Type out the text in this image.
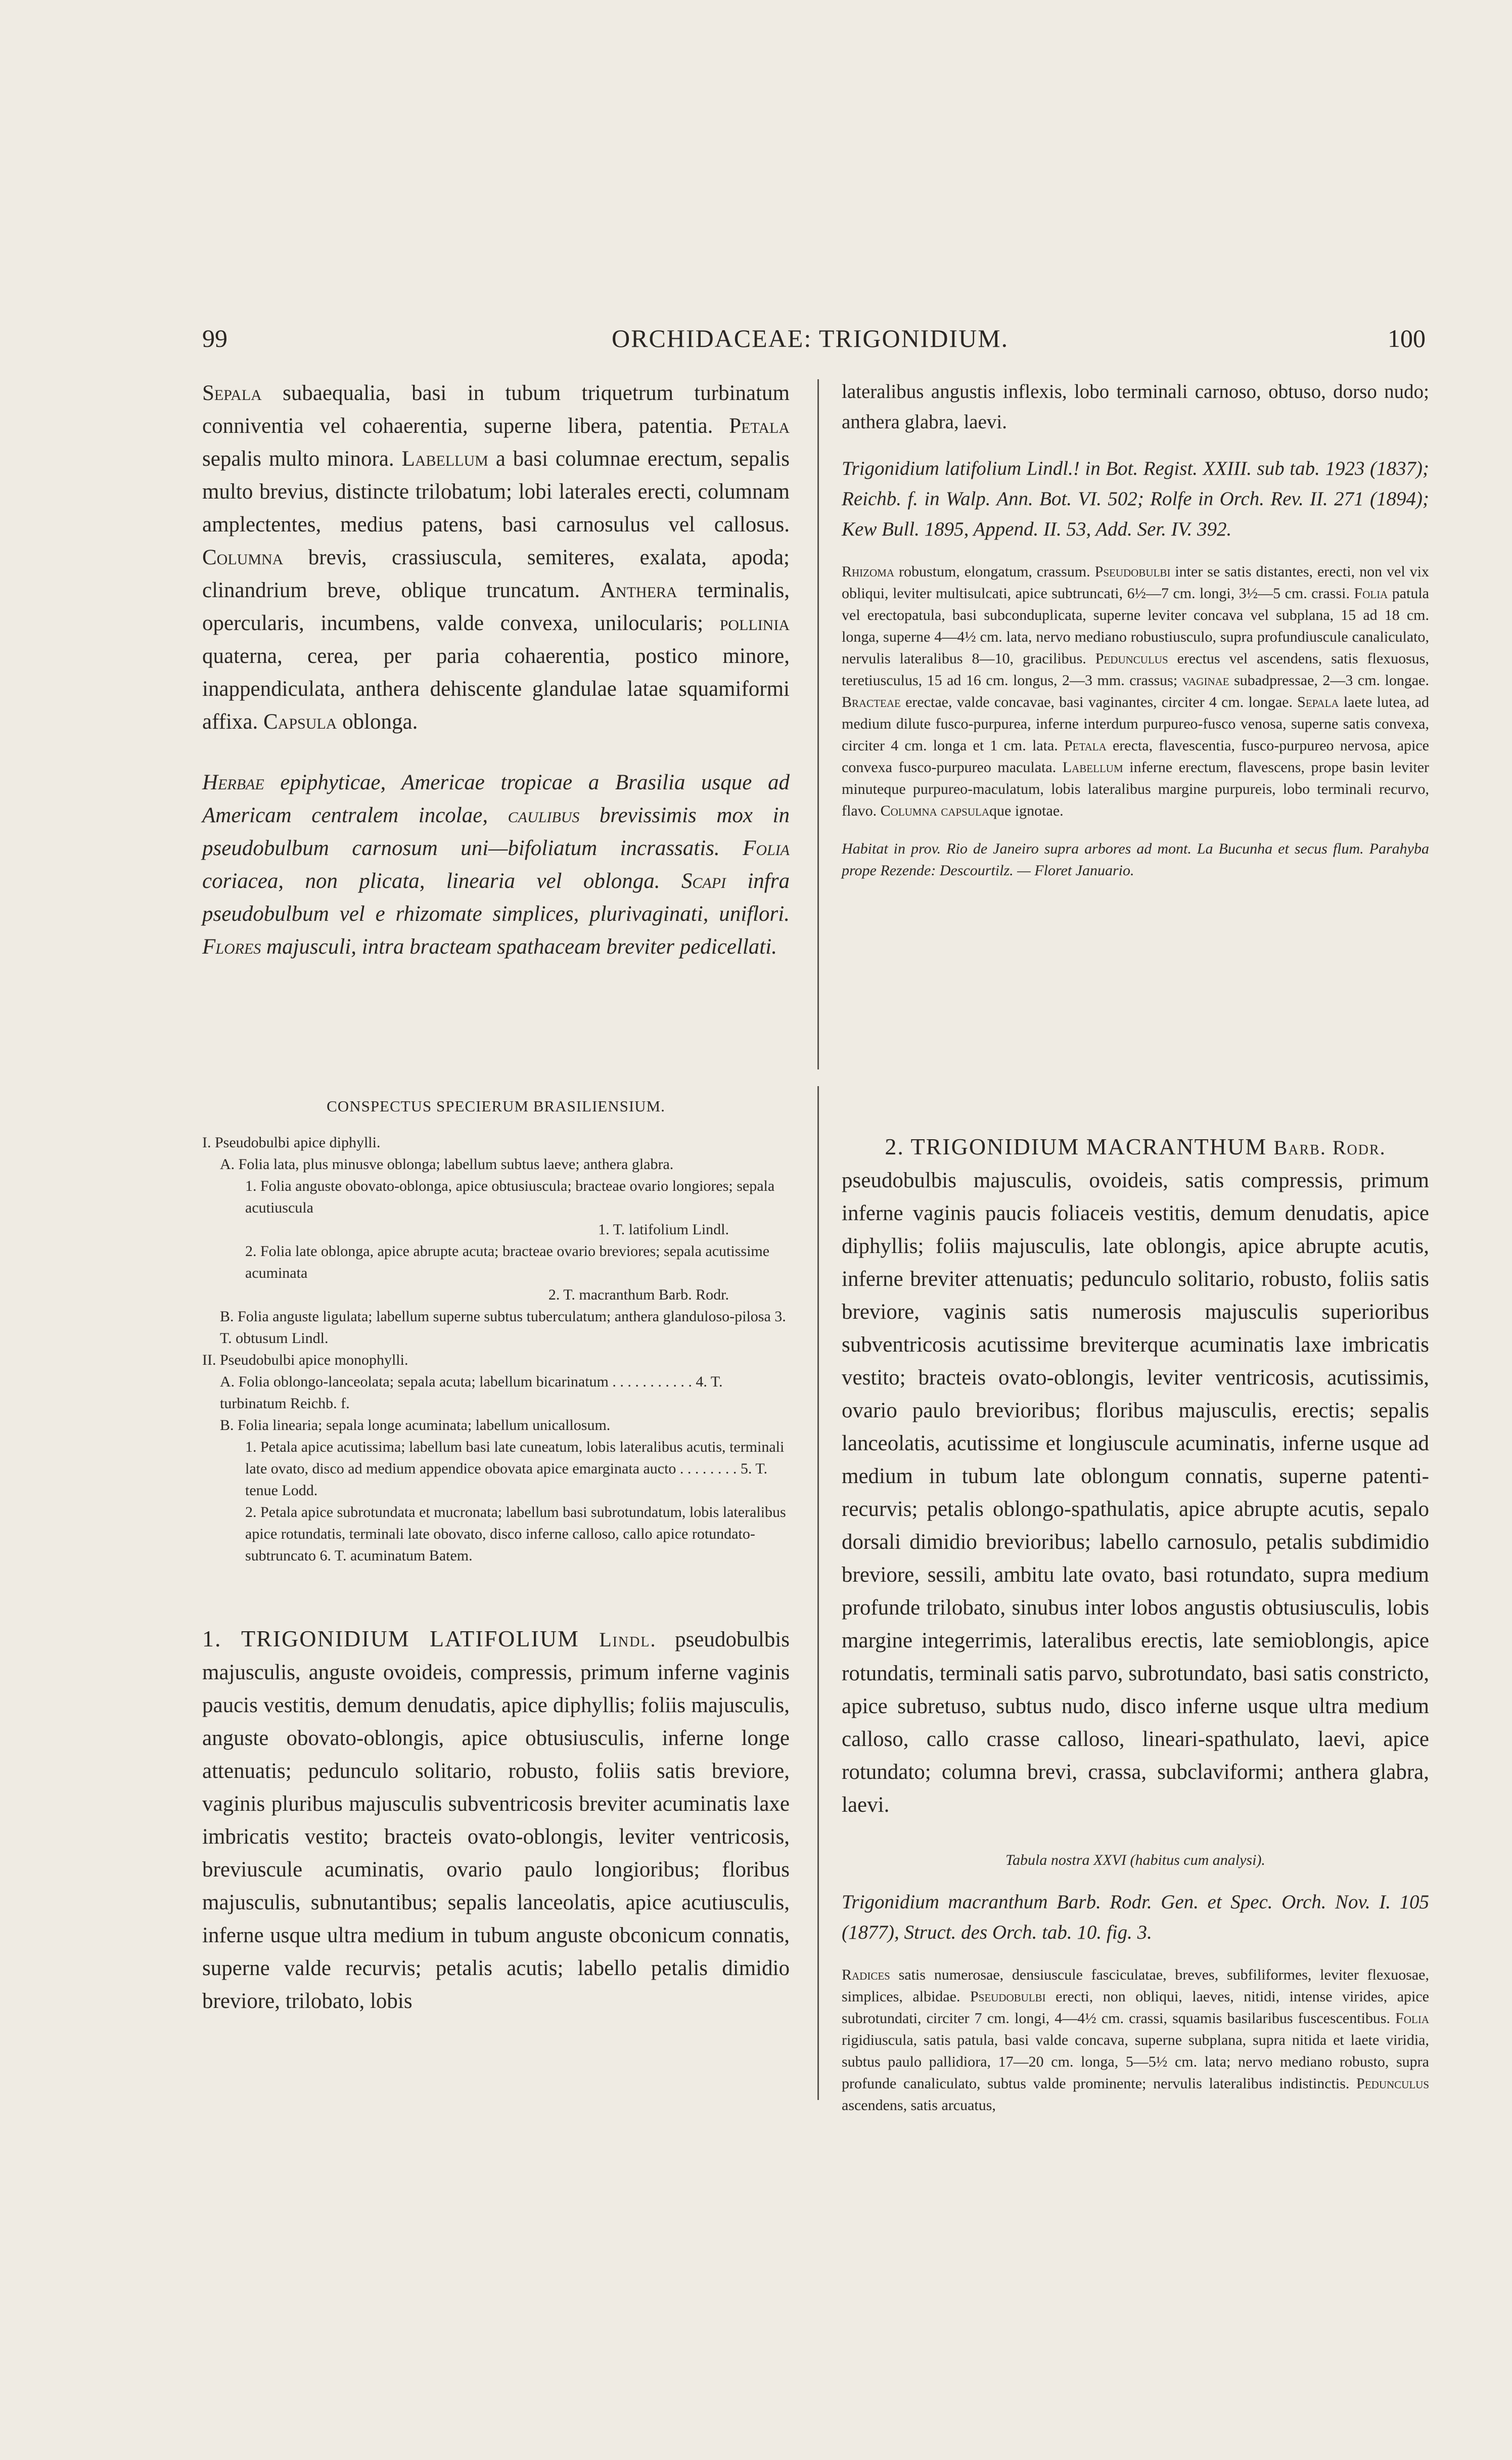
99	ORCHIDACEAE: TRIGONIDIUM.	100

Sepala subaequalia, basi in tubum triquetrum turbinatum conniventia vel cohaerentia, superne libera, patentia. Petala sepalis multo minora. Labellum a basi columnae erectum, sepalis multo brevius, distincte trilobatum; lobi laterales erecti, columnam amplectentes, medius patens, basi carnosulus vel callosus. Columna brevis, crassiuscula, semiteres, exalata, apoda; clinandrium breve, oblique truncatum. Anthera terminalis, opercularis, incumbens, valde convexa, unilocularis; pollinia quaterna, cerea, per paria cohaerentia, postico minore, inappendiculata, anthera dehiscente glandulae latae squamiformi affixa. Capsula oblonga.

Herbae epiphyticae, Americae tropicae a Brasilia usque ad Americam centralem incolae, caulibus brevissimis mox in pseudobulbum carnosum uni—bifoliatum incrassatis. Folia coriacea, non plicata, linearia vel oblonga. Scapi infra pseudobulbum vel e rhizomate simplices, plurivaginati, uniflori. Flores majusculi, intra bracteam spathaceam breviter pedicellati.

lateralibus angustis inflexis, lobo terminali carnoso, obtuso, dorso nudo; anthera glabra, laevi.

Trigonidium latifolium Lindl.! in Bot. Regist. XXIII. sub tab. 1923 (1837); Reichb. f. in Walp. Ann. Bot. VI. 502; Rolfe in Orch. Rev. II. 271 (1894); Kew Bull. 1895, Append. II. 53, Add. Ser. IV. 392.

Rhizoma robustum, elongatum, crassum. Pseudobulbi inter se satis distantes, erecti, non vel vix obliqui, leviter multisulcati, apice subtruncati, 6½—7 cm. longi, 3½—5 cm. crassi. Folia patula vel erectopatula, basi subconduplicata, superne leviter concava vel subplana, 15 ad 18 cm. longa, superne 4—4½ cm. lata, nervo mediano robustiusculo, supra profundiuscule canaliculato, nervulis lateralibus 8—10, gracilibus. Pedunculus erectus vel ascendens, satis flexuosus, teretiusculus, 15 ad 16 cm. longus, 2—3 mm. crassus; vaginae subadpressae, 2—3 cm. longae. Bracteae erectae, valde concavae, basi vaginantes, circiter 4 cm. longae. Sepala laete lutea, ad medium dilute fusco-purpurea, inferne interdum purpureo-fusco venosa, superne satis convexa, circiter 4 cm. longa et 1 cm. lata. Petala erecta, flavescentia, fusco-purpureo nervosa, apice convexa fusco-purpureo maculata. Labellum inferne erectum, flavescens, prope basin leviter minuteque purpureo-maculatum, lobis lateralibus margine purpureis, lobo terminali recurvo, flavo. Columna capsulaque ignotae.

Habitat in prov. Rio de Janeiro supra arbores ad mont. La Bucunha et secus flum. Parahyba prope Rezende: Descourtilz. — Floret Januario.

CONSPECTUS SPECIERUM BRASILIENSIUM.
I. Pseudobulbi apice diphylli.
A. Folia lata, plus minusve oblonga; labellum subtus laeve; anthera glabra.
1. Folia anguste obovato-oblonga, apice obtusiuscula; bracteae ovario longiores; sepala acutiuscula
1. T. latifolium Lindl.
2. Folia late oblonga, apice abrupte acuta; bracteae ovario breviores; sepala acutissime acuminata
2. T. macranthum Barb. Rodr.
B. Folia anguste ligulata; labellum superne subtus tuberculatum; anthera glanduloso-pilosa 3. T. obtusum Lindl.
II. Pseudobulbi apice monophylli.
A. Folia oblongo-lanceolata; sepala acuta; labellum bicarinatum . . . . . . . . . . . 4. T. turbinatum Reichb. f.
B. Folia linearia; sepala longe acuminata; labellum unicallosum.
1. Petala apice acutissima; labellum basi late cuneatum, lobis lateralibus acutis, terminali late ovato, disco ad medium appendice obovata apice emarginata aucto . . . . . . . . 5. T. tenue Lodd.
2. Petala apice subrotundata et mucronata; labellum basi subrotundatum, lobis lateralibus apice rotundatis, terminali late obovato, disco inferne calloso, callo apice rotundato-subtruncato 6. T. acuminatum Batem.

1. TRIGONIDIUM LATIFOLIUM Lindl. pseudobulbis majusculis, anguste ovoideis, compressis, primum inferne vaginis paucis vestitis, demum denudatis, apice diphyllis; foliis majusculis, anguste obovato-oblongis, apice obtusiusculis, inferne longe attenuatis; pedunculo solitario, robusto, foliis satis breviore, vaginis pluribus majusculis subventricosis breviter acuminatis laxe imbricatis vestito; bracteis ovato-oblongis, leviter ventricosis, breviuscule acuminatis, ovario paulo longioribus; floribus majusculis, subnutantibus; sepalis lanceolatis, apice acutiusculis, inferne usque ultra medium in tubum anguste obconicum connatis, superne valde recurvis; petalis acutis; labello petalis dimidio breviore, trilobato, lobis

2. TRIGONIDIUM MACRANTHUM Barb. Rodr.

pseudobulbis majusculis, ovoideis, satis compressis, primum inferne vaginis paucis foliaceis vestitis, demum denudatis, apice diphyllis; foliis majusculis, late oblongis, apice abrupte acutis, inferne breviter attenuatis; pedunculo solitario, robusto, foliis satis breviore, vaginis satis numerosis majusculis superioribus subventricosis acutissime breviterque acuminatis laxe imbricatis vestito; bracteis ovato-oblongis, leviter ventricosis, acutissimis, ovario paulo brevioribus; floribus majusculis, erectis; sepalis lanceolatis, acutissime et longiuscule acuminatis, inferne usque ad medium in tubum late oblongum connatis, superne patenti-recurvis; petalis oblongo-spathulatis, apice abrupte acutis, sepalo dorsali dimidio brevioribus; labello carnosulo, petalis subdimidio breviore, sessili, ambitu late ovato, basi rotundato, supra medium profunde trilobato, sinubus inter lobos angustis obtusiusculis, lobis margine integerrimis, lateralibus erectis, late semioblongis, apice rotundatis, terminali satis parvo, subrotundato, basi satis constricto, apice subretuso, subtus nudo, disco inferne usque ultra medium calloso, callo crasse calloso, lineari-spathulato, laevi, apice rotundato; columna brevi, crassa, subclaviformi; anthera glabra, laevi.

Tabula nostra XXVI (habitus cum analysi).

Trigonidium macranthum Barb. Rodr. Gen. et Spec. Orch. Nov. I. 105 (1877), Struct. des Orch. tab. 10. fig. 3.

Radices satis numerosae, densiuscule fasciculatae, breves, subfiliformes, leviter flexuosae, simplices, albidae. Pseudobulbi erecti, non obliqui, laeves, nitidi, intense virides, apice subrotundati, circiter 7 cm. longi, 4—4½ cm. crassi, squamis basilaribus fuscescentibus. Folia rigidiuscula, satis patula, basi valde concava, superne subplana, supra nitida et laete viridia, subtus paulo pallidiora, 17—20 cm. longa, 5—5½ cm. lata; nervo mediano robusto, supra profunde canaliculato, subtus valde prominente; nervulis lateralibus indistinctis. Pedunculus ascendens, satis arcuatus,
